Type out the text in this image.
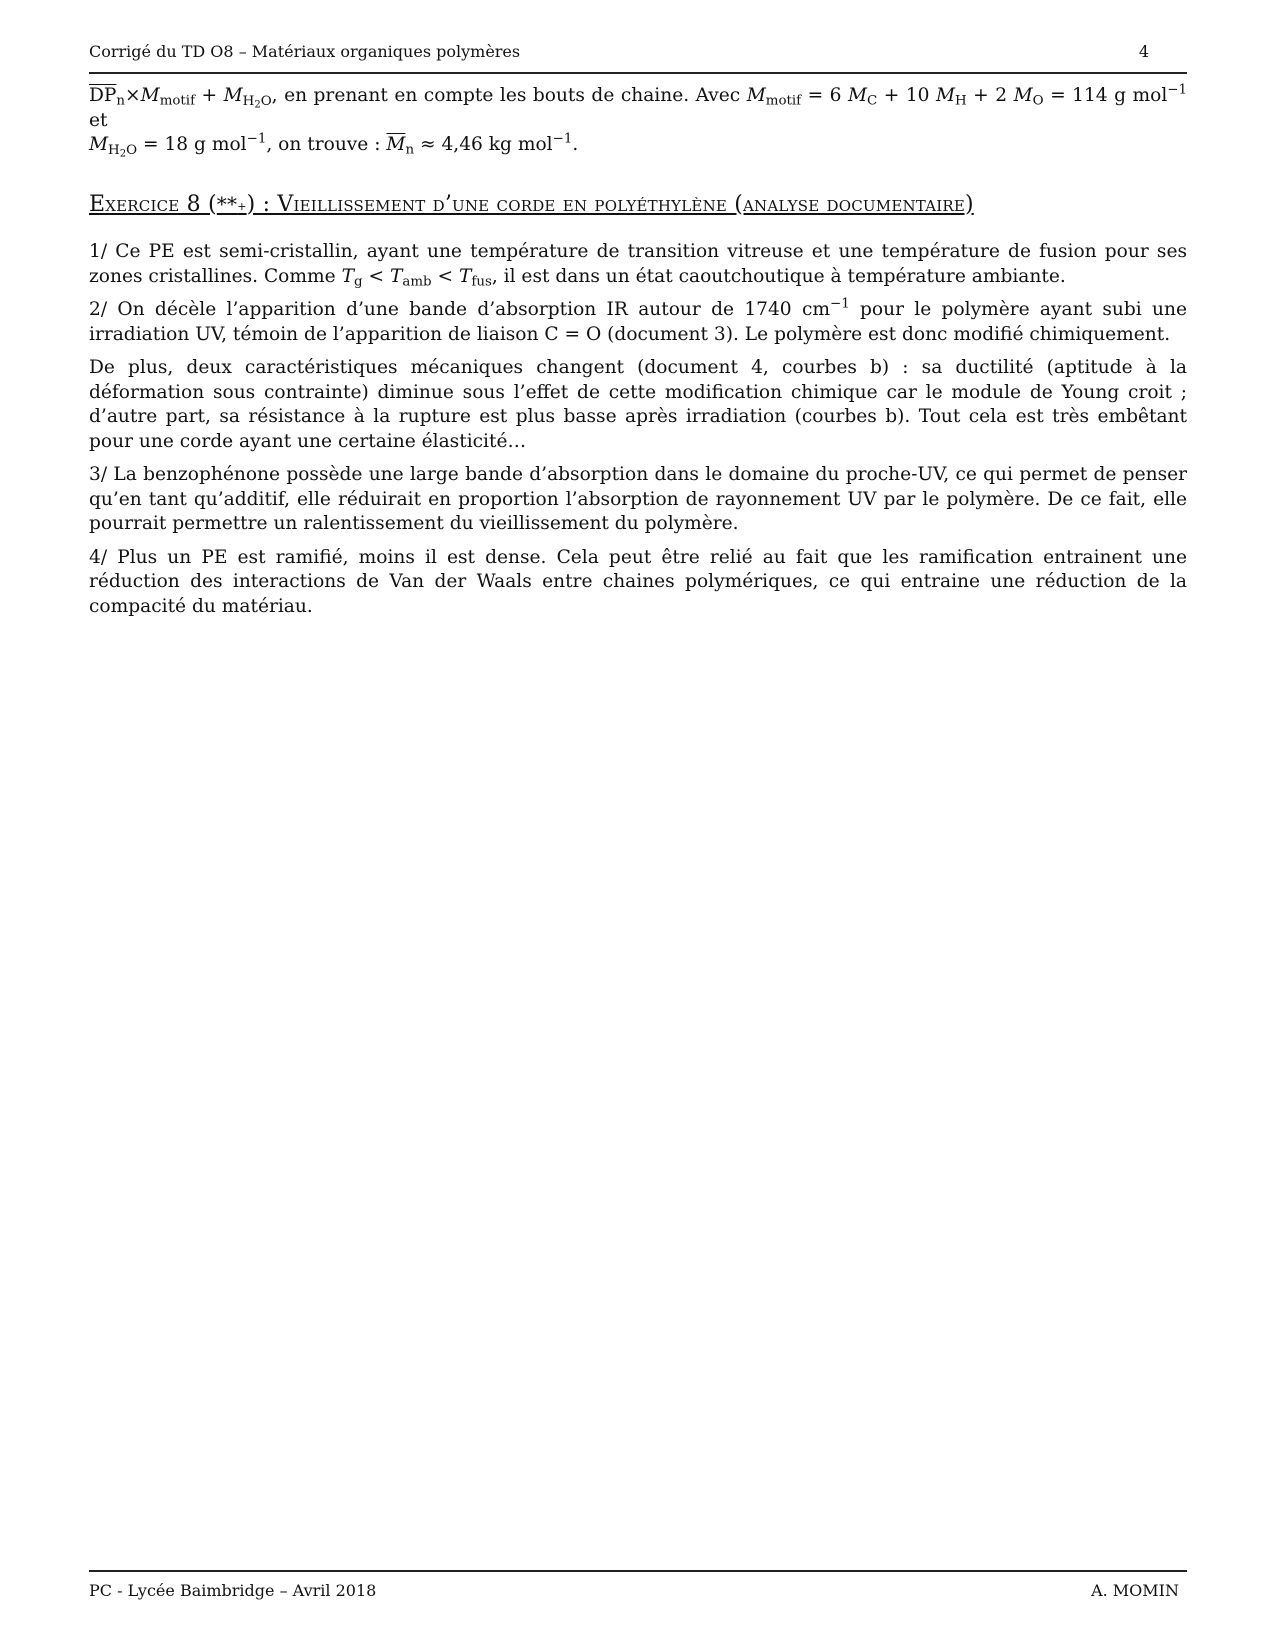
Corrigé du TD O8 – Matériaux organiques polymères	4

$\overline{DP}_n\times M_{motif} + M_{H2O}$, en prenant en compte les bouts de chaine. Avec $M_{motif} = 6$ $M_C + 10$ $M_H + 2$ $M_O = 114$ g mol$^{-1}$ et
$M_{H2O} = 18$ g mol$^{-1}$, on trouve : $\overline{M}_n \approx 4,46$ kg mol$^{-1}$.

Exercice 8 (**+) : Vieillissement d’une corde en polyéthylène (analyse documentaire)

1/ Ce PE est semi-cristallin, ayant une température de transition vitreuse et une température de fusion pour ses zones cristallines. Comme $T_g < T_{amb} < T_{fus}$, il est dans un état caoutchoutique à température ambiante.

2/ On décèle l’apparition d’une bande d’absorption IR autour de 1740 $cm^{-1}$ pour le polymère ayant subi une irradiation UV, témoin de l’apparition de liaison C = O (document 3). Le polymère est donc modifié chimiquement.

De plus, deux caractéristiques mécaniques changent (document 4, courbes b) : sa ductilité (aptitude à la déformation sous contrainte) diminue sous l’effet de cette modification chimique car le module de Young croit ; d’autre part, sa résistance à la rupture est plus basse après irradiation (courbes b). Tout cela est très embêtant pour une corde ayant une certaine élasticité…

3/ La benzophénone possède une large bande d’absorption dans le domaine du proche-UV, ce qui permet de penser qu’en tant qu’additif, elle réduirait en proportion l’absorption de rayonnement UV par le polymère. De ce fait, elle pourrait permettre un ralentissement du vieillissement du polymère.

4/ Plus un PE est ramifié, moins il est dense. Cela peut être relié au fait que les ramification entrainent une réduction des interactions de Van der Waals entre chaines polymériques, ce qui entraine une réduction de la compacité du matériau.

PC - Lycée Baimbridge – Avril 2018	A. MOMIN
